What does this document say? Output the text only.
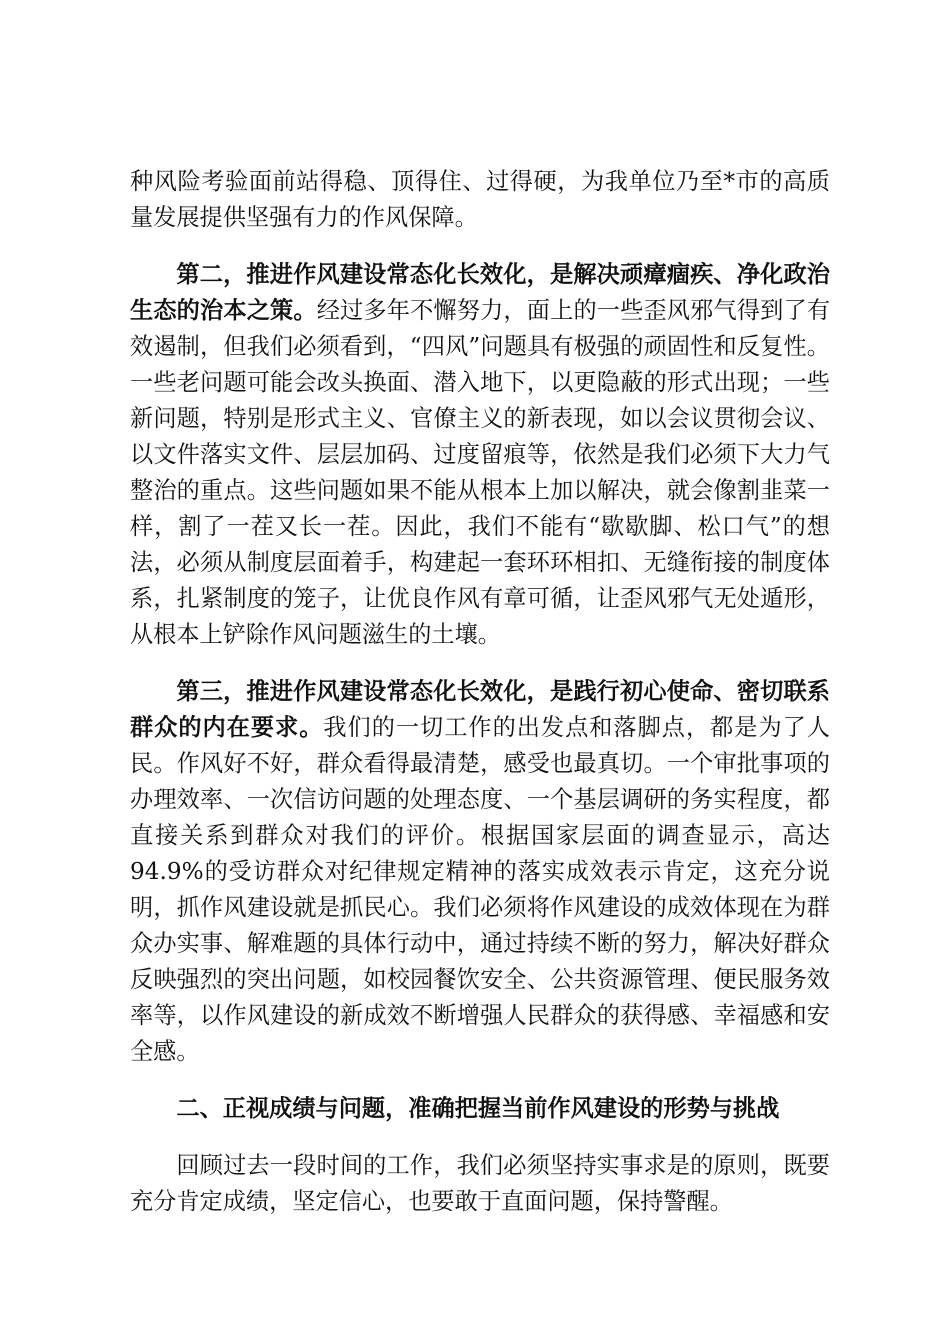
种风险考验面前站得稳、顶得住、过得硬，为我单位乃至*市的高质量发展提供坚强有力的作风保障。

第二，推进作风建设常态化长效化，是解决顽瘴痼疾、净化政治生态的治本之策。经过多年不懈努力，面上的一些歪风邪气得到了有效遏制，但我们必须看到，“四风”问题具有极强的顽固性和反复性。一些老问题可能会改头换面、潜入地下，以更隐蔽的形式出现；一些新问题，特别是形式主义、官僚主义的新表现，如以会议贯彻会议、以文件落实文件、层层加码、过度留痕等，依然是我们必须下大力气整治的重点。这些问题如果不能从根本上加以解决，就会像割韭菜一样，割了一茬又长一茬。因此，我们不能有“歇歇脚、松口气”的想法，必须从制度层面着手，构建起一套环环相扣、无缝衔接的制度体系，扎紧制度的笼子，让优良作风有章可循，让歪风邪气无处遁形，从根本上铲除作风问题滋生的土壤。

第三，推进作风建设常态化长效化，是践行初心使命、密切联系群众的内在要求。我们的一切工作的出发点和落脚点，都是为了人民。作风好不好，群众看得最清楚，感受也最真切。一个审批事项的办理效率、一次信访问题的处理态度、一个基层调研的务实程度，都直接关系到群众对我们的评价。根据国家层面的调查显示，高达94.9%的受访群众对纪律规定精神的落实成效表示肯定，这充分说明，抓作风建设就是抓民心。我们必须将作风建设的成效体现在为群众办实事、解难题的具体行动中，通过持续不断的努力，解决好群众反映强烈的突出问题，如校园餐饮安全、公共资源管理、便民服务效率等，以作风建设的新成效不断增强人民群众的获得感、幸福感和安全感。

二、正视成绩与问题，准确把握当前作风建设的形势与挑战

回顾过去一段时间的工作，我们必须坚持实事求是的原则，既要充分肯定成绩，坚定信心，也要敢于直面问题，保持警醒。
